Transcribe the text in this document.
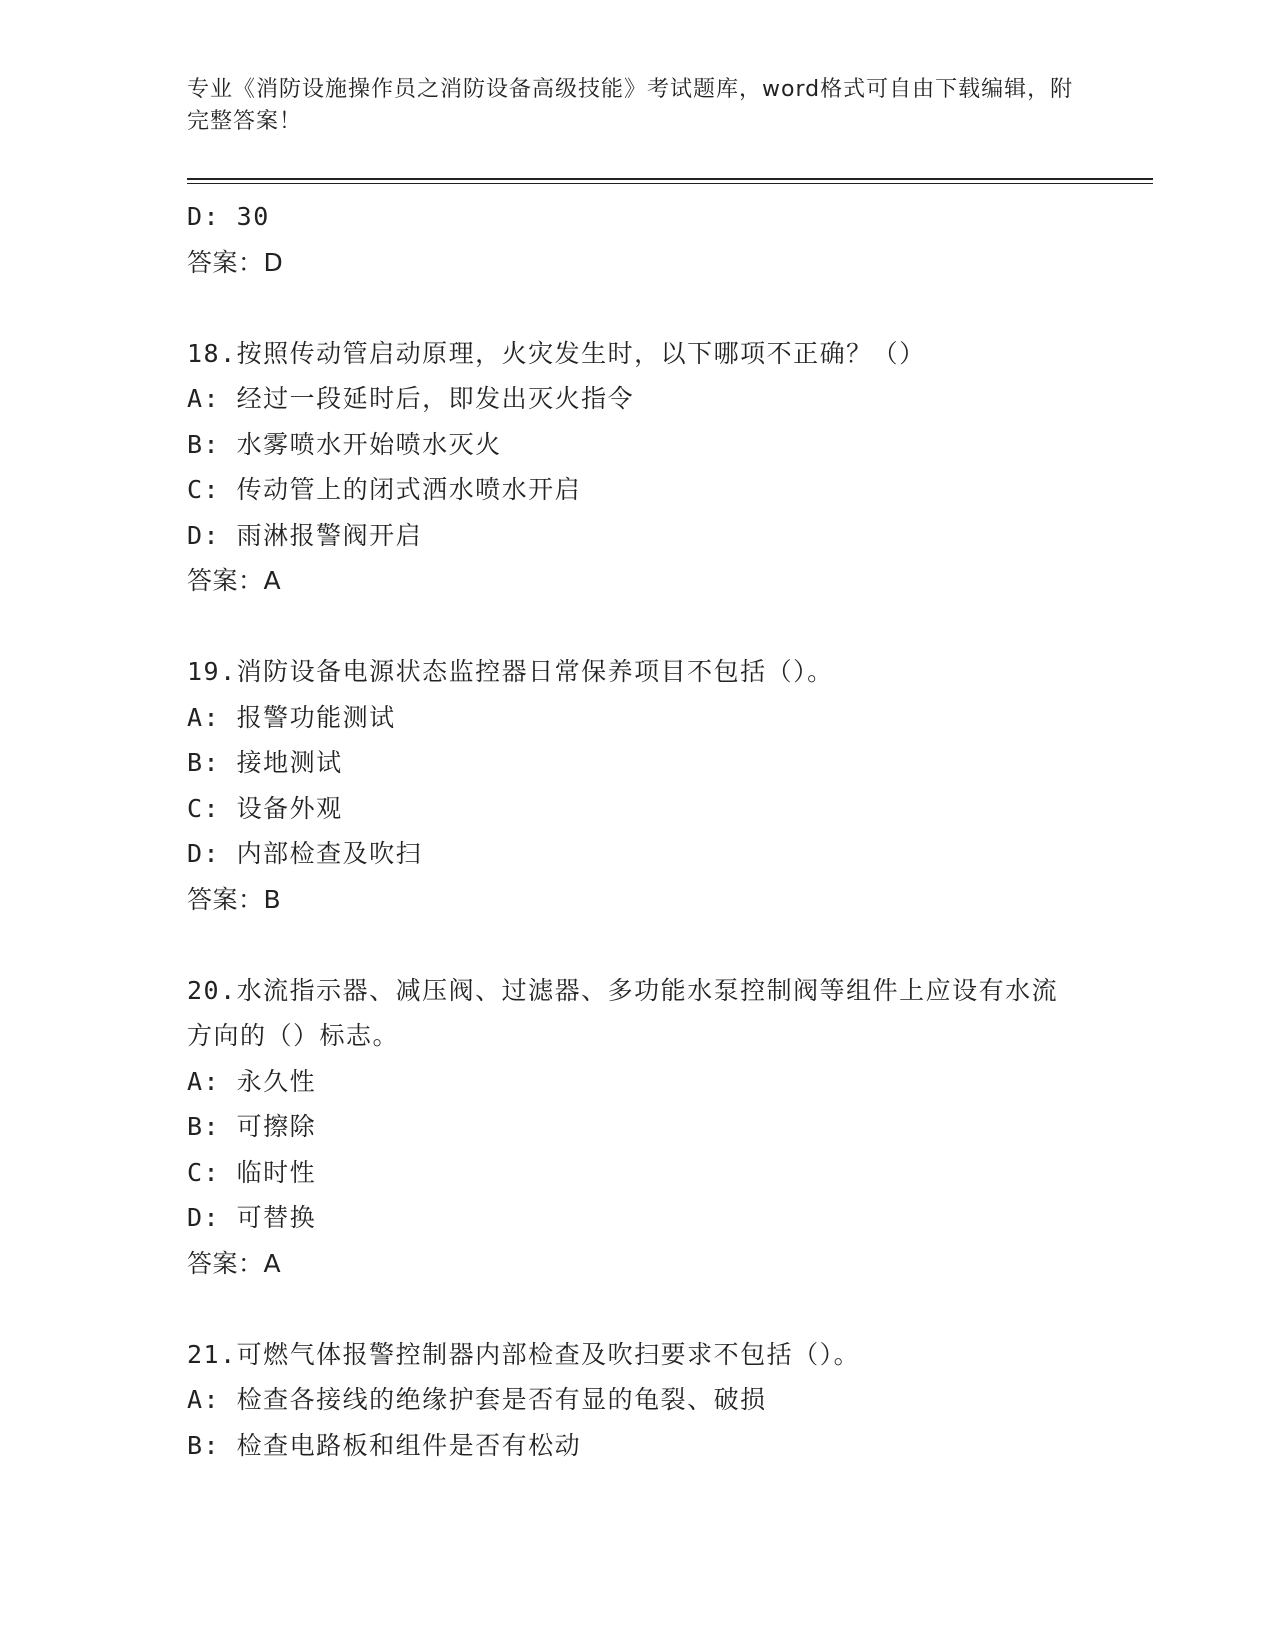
专业《消防设施操作员之消防设备高级技能》考试题库，word格式可自由下载编辑，附完整答案！
D: 30
答案：D
18.按照传动管启动原理，火灾发生时，以下哪项不正确？（）
A: 经过一段延时后，即发出灭火指令
B: 水雾喷水开始喷水灭火
C: 传动管上的闭式洒水喷水开启
D: 雨淋报警阀开启
答案：A
19.消防设备电源状态监控器日常保养项目不包括（）。
A: 报警功能测试
B: 接地测试
C: 设备外观
D: 内部检查及吹扫
答案：B
20.水流指示器、减压阀、过滤器、多功能水泵控制阀等组件上应设有水流方向的（）标志。
A: 永久性
B: 可擦除
C: 临时性
D: 可替换
答案：A
21.可燃气体报警控制器内部检查及吹扫要求不包括（）。
A: 检查各接线的绝缘护套是否有显的龟裂、破损
B: 检查电路板和组件是否有松动
